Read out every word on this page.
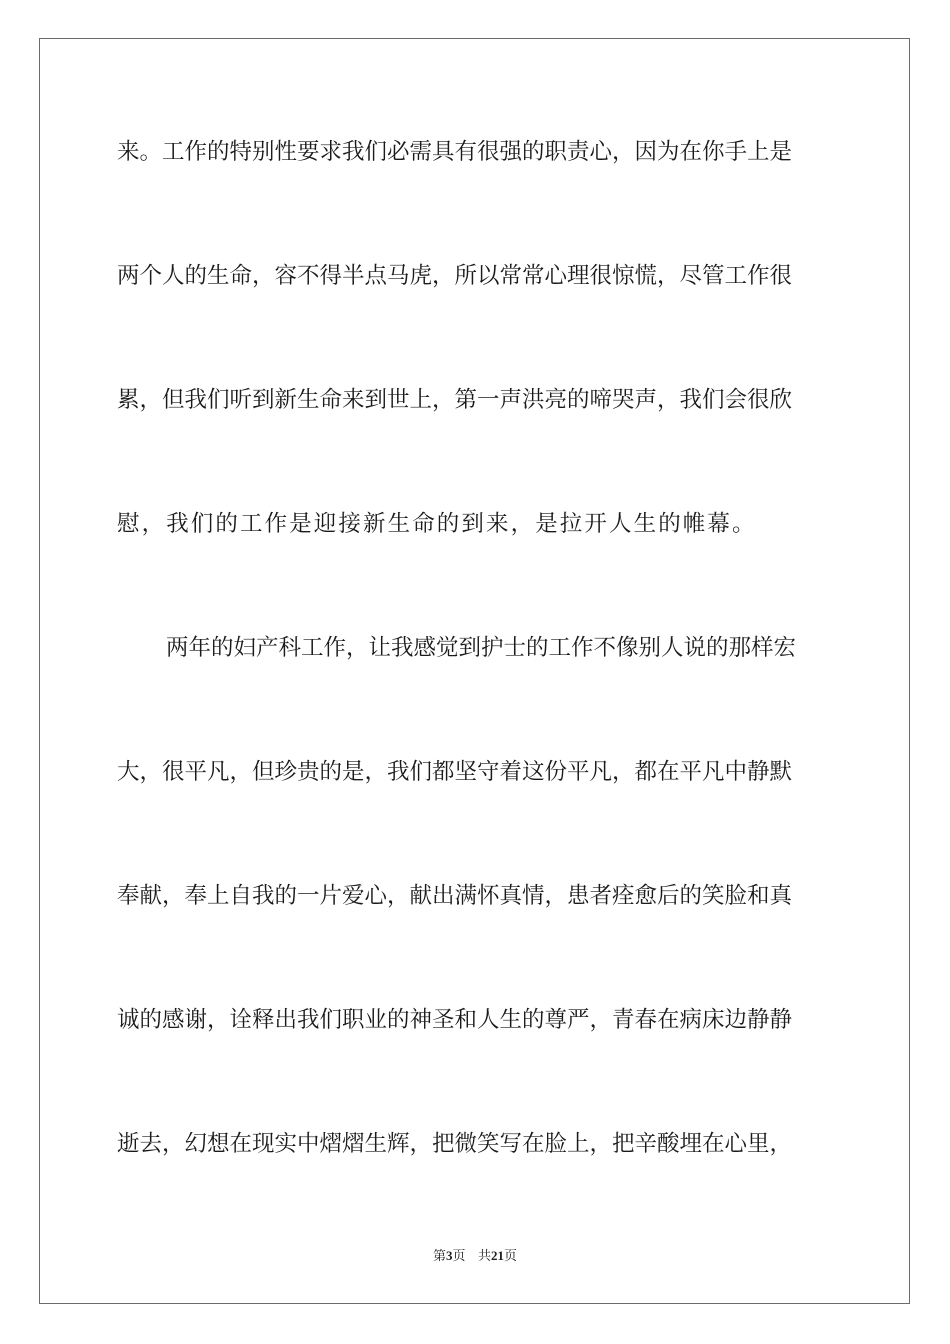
来。工作的特别性要求我们必需具有很强的职责心，因为在你手上是
两个人的生命，容不得半点马虎，所以常常心理很惊慌，尽管工作很
累，但我们听到新生命来到世上，第一声洪亮的啼哭声，我们会很欣
慰，我们的工作是迎接新生命的到来，是拉开人生的帷幕。
两年的妇产科工作，让我感觉到护士的工作不像别人说的那样宏
大，很平凡，但珍贵的是，我们都坚守着这份平凡，都在平凡中静默
奉献，奉上自我的一片爱心，献出满怀真情，患者痊愈后的笑脸和真
诚的感谢，诠释出我们职业的神圣和人生的尊严，青春在病床边静静
逝去，幻想在现实中熠熠生辉，把微笑写在脸上，把辛酸埋在心里，
第3页 共21页
